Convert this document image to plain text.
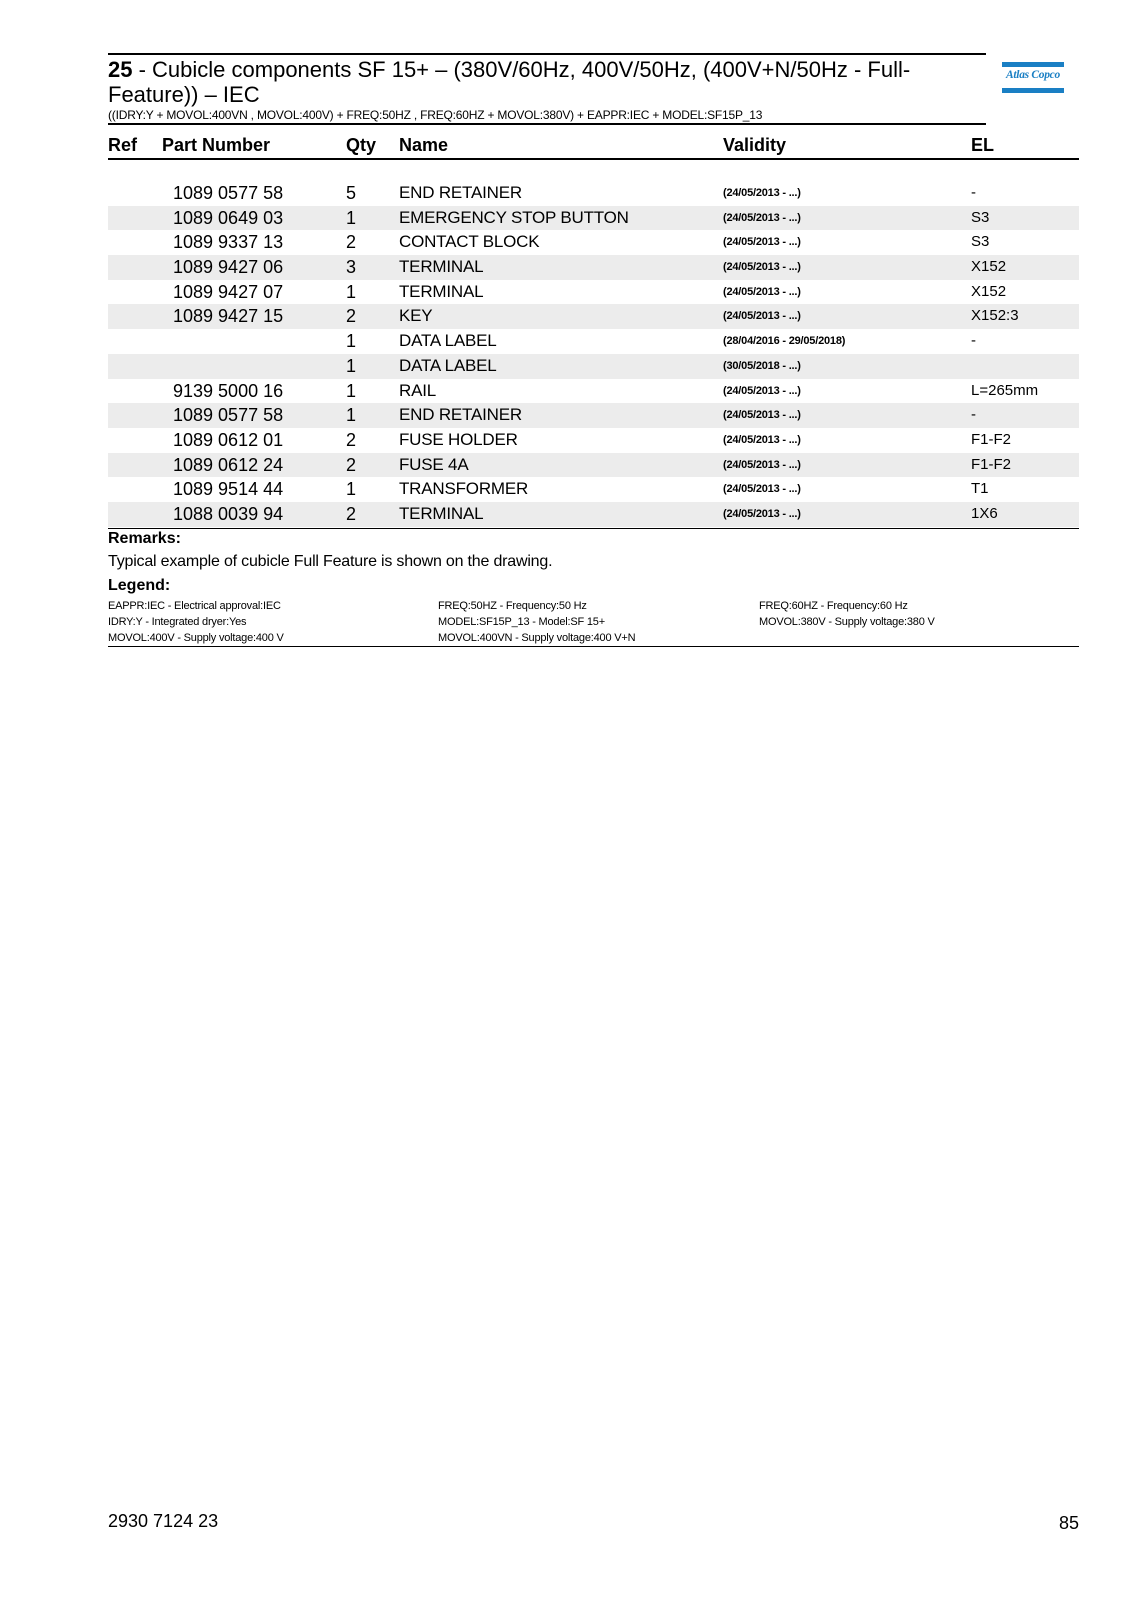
25 - Cubicle components SF 15+ – (380V/60Hz, 400V/50Hz, (400V+N/50Hz - Full-Feature)) – IEC
((IDRY:Y + MOVOL:400VN , MOVOL:400V) + FREQ:50HZ , FREQ:60HZ + MOVOL:380V) + EAPPR:IEC + MODEL:SF15P_13
Atlas Copco
Ref Part Number	Qty Name	Validity	EL
1089 0577 58	5	END RETAINER	(24/05/2013 - ...)	-
1089 0649 03	1	EMERGENCY STOP BUTTON	(24/05/2013 - ...)	S3
1089 9337 13	2	CONTACT BLOCK	(24/05/2013 - ...)	S3
1089 9427 06	3	TERMINAL	(24/05/2013 - ...)	X152
1089 9427 07	1	TERMINAL	(24/05/2013 - ...)	X152
1089 9427 15	2	KEY	(24/05/2013 - ...)	X152:3
1	DATA LABEL	(28/04/2016 - 29/05/2018)	-
1	DATA LABEL	(30/05/2018 - ...)
9139 5000 16	1	RAIL	(24/05/2013 - ...)	L=265mm
1089 0577 58	1	END RETAINER	(24/05/2013 - ...)	-
1089 0612 01	2	FUSE HOLDER	(24/05/2013 - ...)	F1-F2
1089 0612 24	2	FUSE 4A	(24/05/2013 - ...)	F1-F2
1089 9514 44	1	TRANSFORMER	(24/05/2013 - ...)	T1
1088 0039 94	2	TERMINAL	(24/05/2013 - ...)	1X6
Remarks:
Typical example of cubicle Full Feature is shown on the drawing.
Legend:
EAPPR:IEC - Electrical approval:IEC	FREQ:50HZ - Frequency:50 Hz	FREQ:60HZ - Frequency:60 Hz
IDRY:Y - Integrated dryer:Yes	MODEL:SF15P_13 - Model:SF 15+	MOVOL:380V - Supply voltage:380 V
MOVOL:400V - Supply voltage:400 V	MOVOL:400VN - Supply voltage:400 V+N
2930 7124 23	85
